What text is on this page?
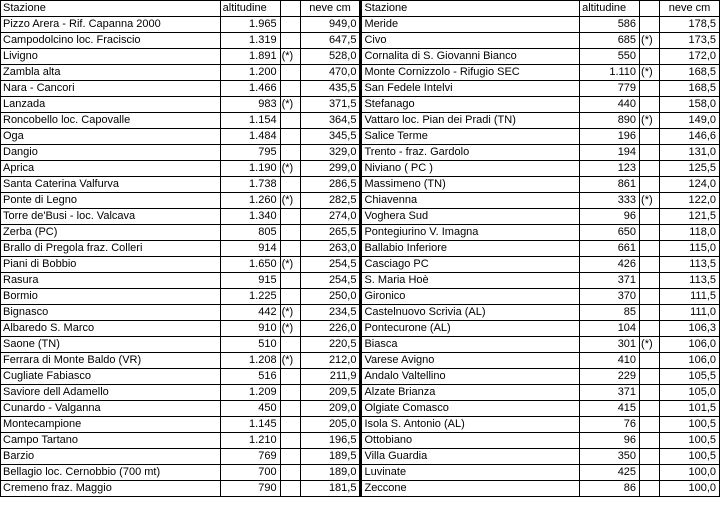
Stazione	altitudine		neve cm	Stazione	altitudine		neve cm
Pizzo Arera - Rif. Capanna 2000	1.965		949,0	Meride	586		178,5
Campodolcino loc. Fraciscio	1.319		647,5	Civo	685	(*)	173,5
Livigno	1.891	(*)	528,0	Cornalita di S. Giovanni Bianco	550		172,0
Zambla alta	1.200		470,0	Monte Cornizzolo - Rifugio SEC	1.110	(*)	168,5
Nara - Cancori	1.466		435,5	San Fedele Intelvi	779		168,5
Lanzada	983	(*)	371,5	Stefanago	440		158,0
Roncobello loc. Capovalle	1.154		364,5	Vattaro loc. Pian dei Pradi (TN)	890	(*)	149,0
Oga	1.484		345,5	Salice Terme	196		146,6
Dangio	795		329,0	Trento - fraz. Gardolo	194		131,0
Aprica	1.190	(*)	299,0	Niviano ( PC )	123		125,5
Santa Caterina Valfurva	1.738		286,5	Massimeno (TN)	861		124,0
Ponte di Legno	1.260	(*)	282,5	Chiavenna	333	(*)	122,0
Torre de'Busi - loc. Valcava	1.340		274,0	Voghera Sud	96		121,5
Zerba (PC)	805		265,5	Pontegiurino V. Imagna	650		118,0
Brallo di Pregola fraz. Colleri	914		263,0	Ballabio Inferiore	661		115,0
Piani di Bobbio	1.650	(*)	254,5	Casciago PC	426		113,5
Rasura	915		254,5	S. Maria Hoè	371		113,5
Bormio	1.225		250,0	Gironico	370		111,5
Bignasco	442	(*)	234,5	Castelnuovo Scrivia (AL)	85		111,0
Albaredo S. Marco	910	(*)	226,0	Pontecurone (AL)	104		106,3
Saone (TN)	510		220,5	Biasca	301	(*)	106,0
Ferrara di Monte Baldo (VR)	1.208	(*)	212,0	Varese Avigno	410		106,0
Cugliate Fabiasco	516		211,9	Andalo Valtellino	229		105,5
Saviore dell Adamello	1.209		209,5	Alzate Brianza	371		105,0
Cunardo - Valganna	450		209,0	Olgiate Comasco	415		101,5
Montecampione	1.145		205,0	Isola S. Antonio (AL)	76		100,5
Campo Tartano	1.210		196,5	Ottobiano	96		100,5
Barzio	769		189,5	Villa Guardia	350		100,5
Bellagio loc. Cernobbio (700 mt)	700		189,0	Luvinate	425		100,0
Cremeno fraz. Maggio	790		181,5	Zeccone	86		100,0
